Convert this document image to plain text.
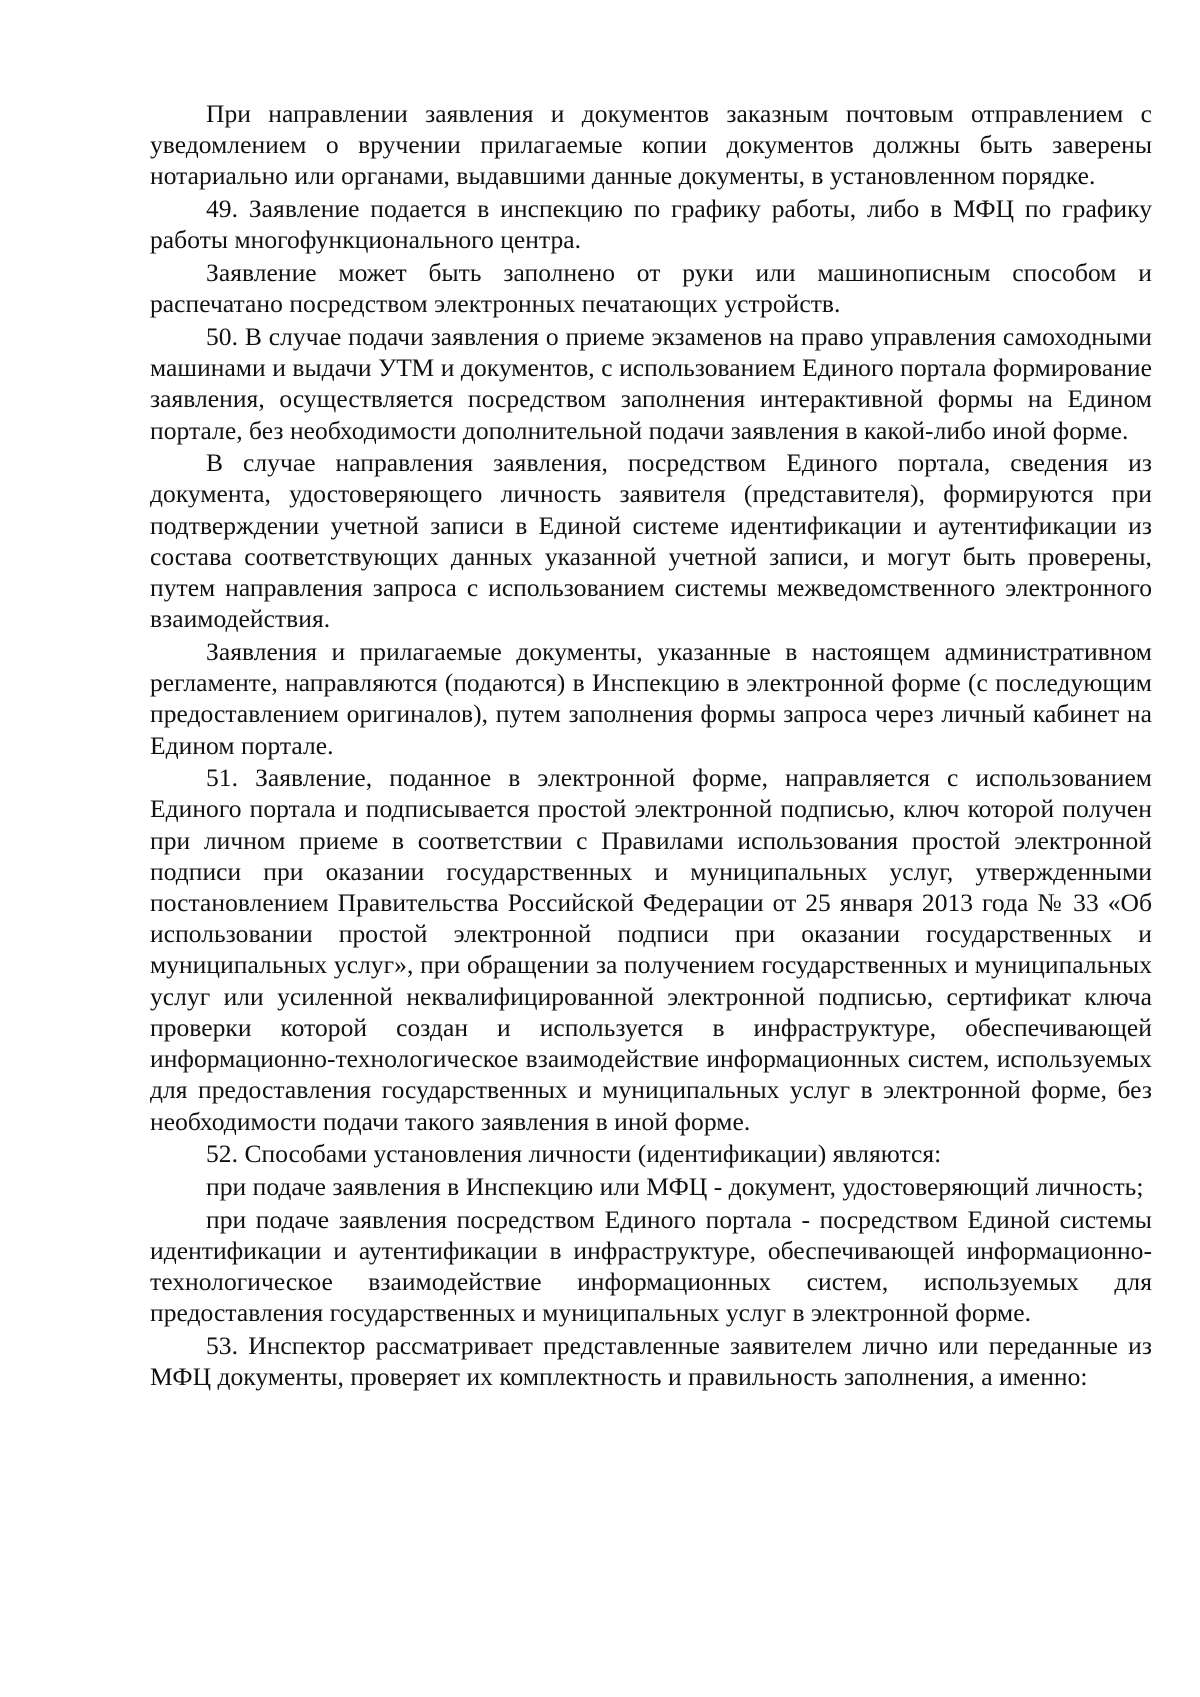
При направлении заявления и документов заказным почтовым отправлением с уведомлением о вручении прилагаемые копии документов должны быть заверены нотариально или органами, выдавшими данные документы, в установленном порядке.

49. Заявление подается в инспекцию по графику работы, либо в МФЦ по графику работы многофункционального центра.

Заявление может быть заполнено от руки или машинописным способом и распечатано посредством электронных печатающих устройств.

50. В случае подачи заявления о приеме экзаменов на право управления самоходными машинами и выдачи УТМ и документов, с использованием Единого портала формирование заявления, осуществляется посредством заполнения интерактивной формы на Едином портале, без необходимости дополнительной подачи заявления в какой-либо иной форме.

В случае направления заявления, посредством Единого портала, сведения из документа, удостоверяющего личность заявителя (представителя), формируются при подтверждении учетной записи в Единой системе идентификации и аутентификации из состава соответствующих данных указанной учетной записи, и могут быть проверены, путем направления запроса с использованием системы межведомственного электронного взаимодействия.

Заявления и прилагаемые документы, указанные в настоящем административном регламенте, направляются (подаются) в Инспекцию в электронной форме (с последующим предоставлением оригиналов), путем заполнения формы запроса через личный кабинет на Едином портале.

51. Заявление, поданное в электронной форме, направляется с использованием Единого портала и подписывается простой электронной подписью, ключ которой получен при личном приеме в соответствии с Правилами использования простой электронной подписи при оказании государственных и муниципальных услуг, утвержденными постановлением Правительства Российской Федерации от 25 января 2013 года № 33 «Об использовании простой электронной подписи при оказании государственных и муниципальных услуг», при обращении за получением государственных и муниципальных услуг или усиленной неквалифицированной электронной подписью, сертификат ключа проверки которой создан и используется в инфраструктуре, обеспечивающей информационно-технологическое взаимодействие информационных систем, используемых для предоставления государственных и муниципальных услуг в электронной форме, без необходимости подачи такого заявления в иной форме.

52. Способами установления личности (идентификации) являются:

при подаче заявления в Инспекцию или МФЦ - документ, удостоверяющий личность;

при подаче заявления посредством Единого портала - посредством Единой системы идентификации и аутентификации в инфраструктуре, обеспечивающей информационно-технологическое взаимодействие информационных систем, используемых для предоставления государственных и муниципальных услуг в электронной форме.

53. Инспектор рассматривает представленные заявителем лично или переданные из МФЦ документы, проверяет их комплектность и правильность заполнения, а именно:
